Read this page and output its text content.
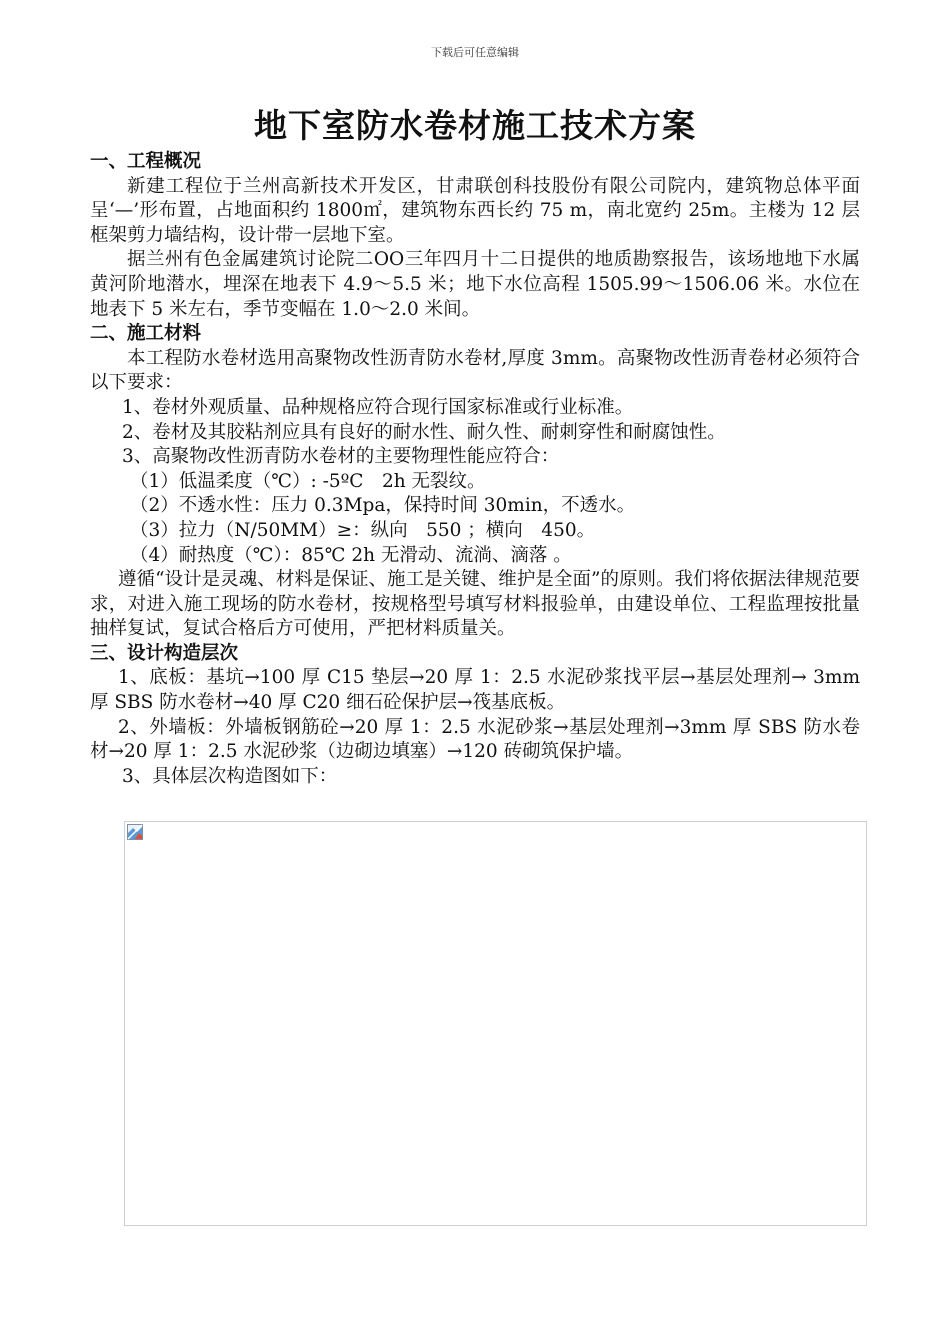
下载后可任意编辑
地下室防水卷材施工技术方案
一、工程概况

新建工程位于兰州高新技术开发区，甘肃联创科技股份有限公司院内，建筑物总体平面呈‘—’形布置，占地面积约 1800㎡，建筑物东西长约 75 m，南北宽约 25m。主楼为 12 层框架剪力墙结构，设计带一层地下室。

据兰州有色金属建筑讨论院二OO三年四月十二日提供的地质勘察报告，该场地地下水属黄河阶地潜水，埋深在地表下 4.9～5.5 米；地下水位高程 1505.99～1506.06 米。水位在地表下 5 米左右，季节变幅在 1.0～2.0 米间。

二、施工材料

本工程防水卷材选用高聚物改性沥青防水卷材,厚度 3mm。高聚物改性沥青卷材必须符合以下要求：

1、卷材外观质量、品种规格应符合现行国家标准或行业标准。

2、卷材及其胶粘剂应具有良好的耐水性、耐久性、耐刺穿性和耐腐蚀性。

3、高聚物改性沥青防水卷材的主要物理性能应符合：

（1）低温柔度（℃）: -5ºC　2h 无裂纹。

（2）不透水性：压力 0.3Mpa，保持时间 30min，不透水。

（3）拉力（N/50MM）≥：纵向　550 ；横向　450。

（4）耐热度（℃）：85℃ 2h 无滑动、流淌、滴落 。

遵循“设计是灵魂、材料是保证、施工是关键、维护是全面”的原则。我们将依据法律规范要求，对进入施工现场的防水卷材，按规格型号填写材料报验单，由建设单位、工程监理按批量抽样复试，复试合格后方可使用，严把材料质量关。

三、设计构造层次

1、底板：基坑→100 厚 C15 垫层→20 厚 1：2.5 水泥砂浆找平层→基层处理剂→ 3mm 厚 SBS 防水卷材→40 厚 C20 细石砼保护层→筏基底板。

2、外墙板：外墙板钢筋砼→20 厚 1：2.5 水泥砂浆→基层处理剂→3mm 厚 SBS 防水卷材→20 厚 1：2.5 水泥砂浆（边砌边填塞）→120 砖砌筑保护墙。

3、具体层次构造图如下：
